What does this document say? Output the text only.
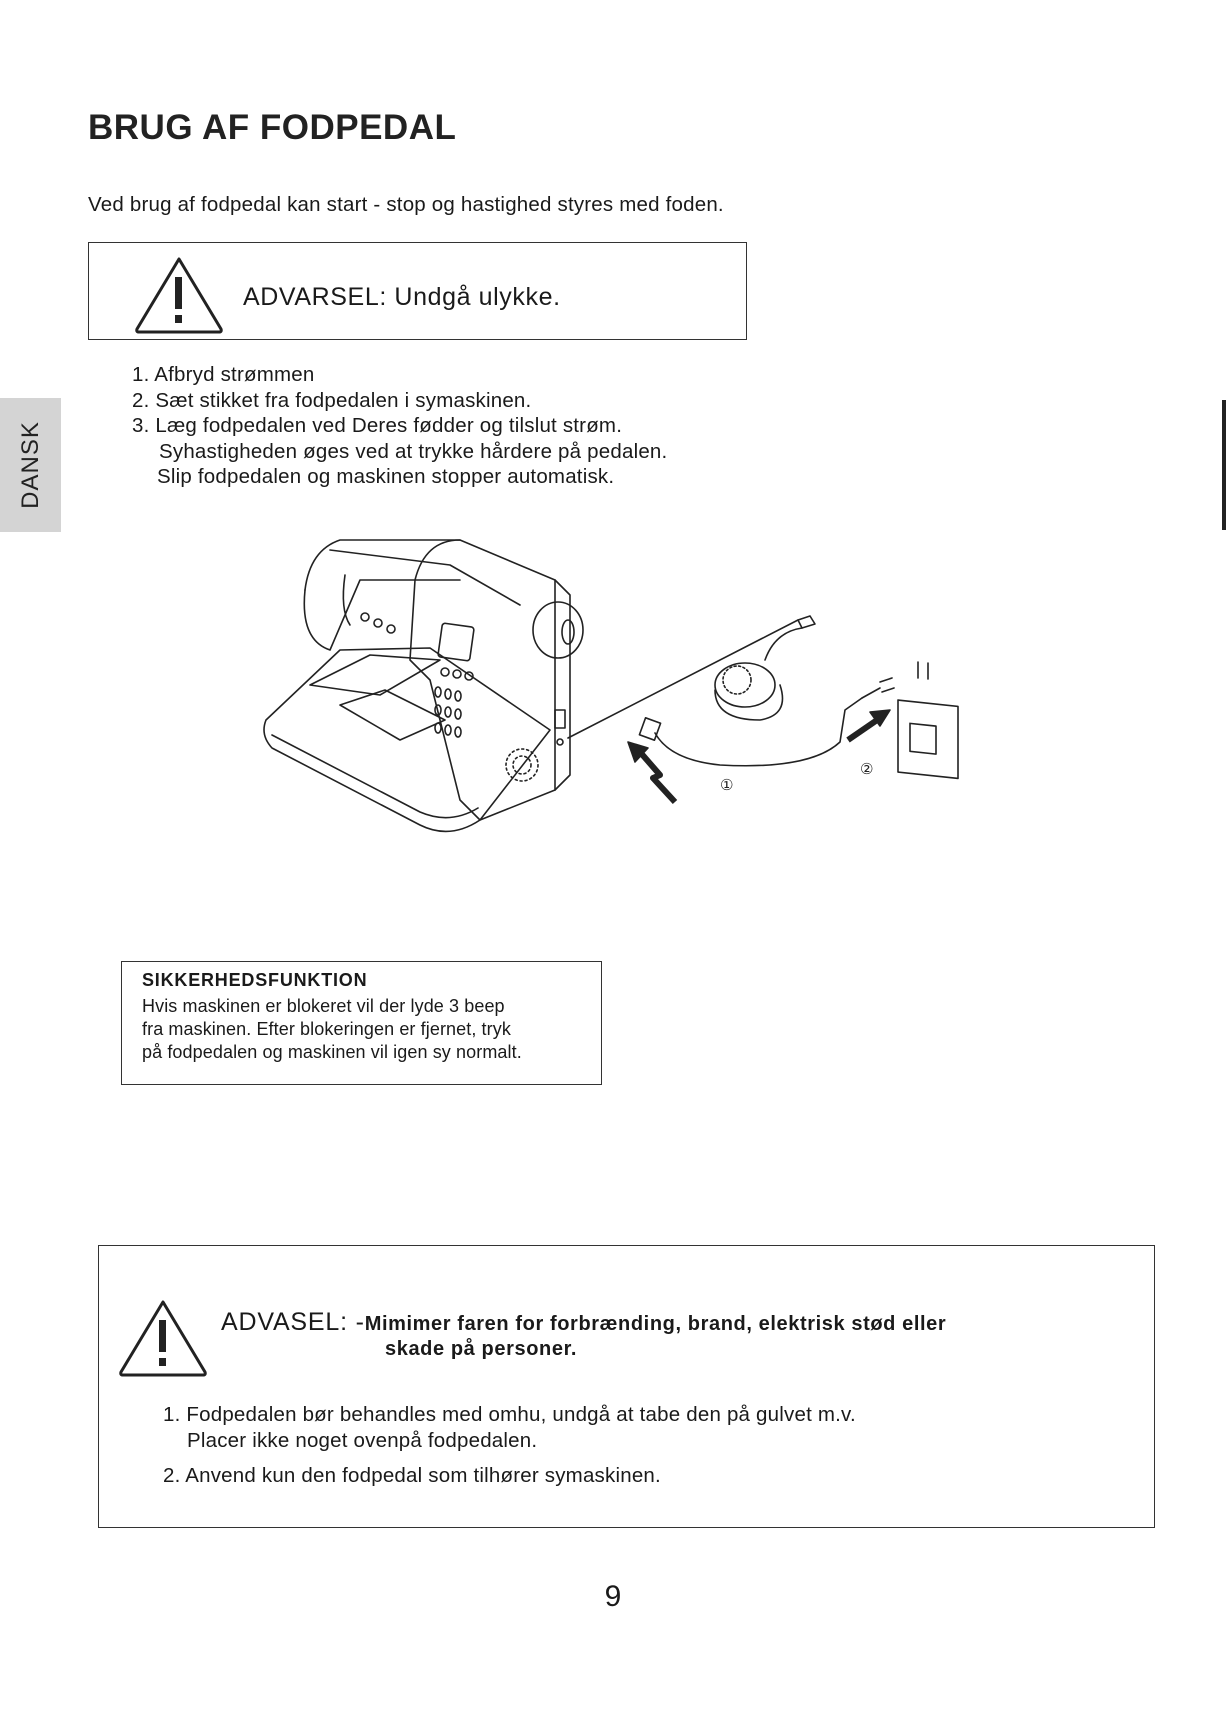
BRUG AF FODPEDAL
Ved brug af fodpedal kan start - stop og hastighed styres med foden.
DANSK
ADVARSEL: Undgå ulykke.
1. Afbryd strømmen
2. Sæt stikket fra fodpedalen i symaskinen.
3. Læg fodpedalen ved Deres fødder og tilslut strøm.
Syhastigheden øges ved at trykke hårdere på pedalen.
Slip fodpedalen og maskinen stopper automatisk.
①
②
SIKKERHEDSFUNKTION
Hvis maskinen er blokeret vil der lyde 3 beep
fra maskinen. Efter blokeringen er fjernet, tryk
på fodpedalen og maskinen vil igen sy normalt.
ADVASEL: -Mimimer faren for forbrænding, brand, elektrisk stød eller
skade på personer.
1. Fodpedalen bør behandles med omhu, undgå at tabe den på gulvet m.v.
Placer ikke noget ovenpå fodpedalen.
2. Anvend kun den fodpedal som tilhører symaskinen.
9
